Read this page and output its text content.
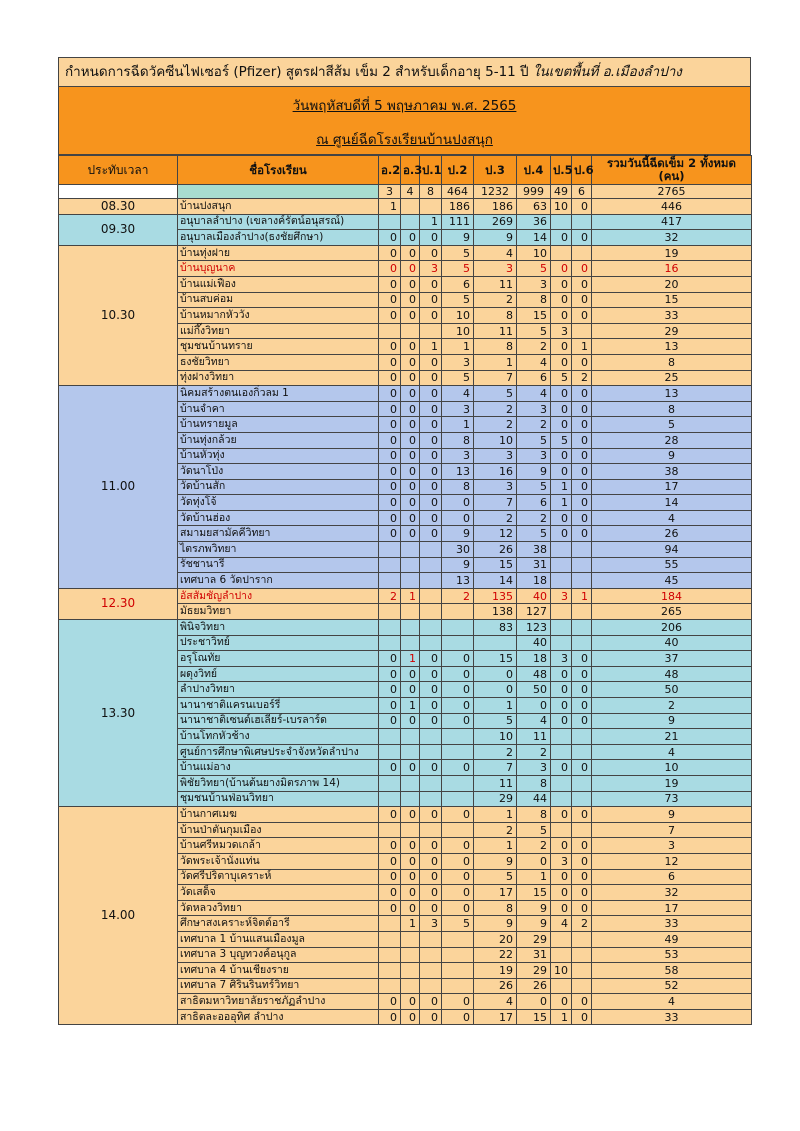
กำหนดการฉีดวัคซีนไฟเซอร์ (Pfizer) สูตรฝาสีส้ม เข็ม 2 สำหรับเด็กอายุ 5-11 ปี ในเขตพื้นที่ อ.เมืองลำปาง
วันพฤหัสบดีที่ 5 พฤษภาคม พ.ศ. 2565
ณ ศูนย์ฉีดโรงเรียนบ้านปงสนุก
ประทับเวลา	ชื่อโรงเรียน	อ.2	อ.3	ป.1	ป.2	ป.3	ป.4	ป.5	ป.6	รวมวันนี้ฉีดเข็ม 2 ทั้งหมด (คน)
		3	4	8	464	1232	999	49	6	2765
08.30	บ้านปงสนุก	1			186	186	63	10	0	446
09.30	อนุบาลลำปาง (เขลางค์รัตน์อนุสรณ์)			1	111	269	36			417
	อนุบาลเมืองลำปาง(ธงชัยศึกษา)	0	0	0	9	9	14	0	0	32
10.30	บ้านทุ่งฝาย	0	0	0	5	4	10			19
	บ้านบุญนาค	0	0	3	5	3	5	0	0	16
	บ้านแม่เฟือง	0	0	0	6	11	3	0	0	20
	บ้านสบค่อม	0	0	0	5	2	8	0	0	15
	บ้านหมากหัววัง	0	0	0	10	8	15	0	0	33
	แม่กึ๊งวิทยา				10	11	5	3		29
	ชุมชนบ้านทราย	0	0	1	1	8	2	0	1	13
	ธงชัยวิทยา	0	0	0	3	1	4	0	0	8
	ทุ่งฝางวิทยา	0	0	0	5	7	6	5	2	25
11.00	นิคมสร้างตนเองกิ่วลม 1	0	0	0	4	5	4	0	0	13
	บ้านจำคา	0	0	0	3	2	3	0	0	8
	บ้านทรายมูล	0	0	0	1	2	2	0	0	5
	บ้านทุ่งกล้วย	0	0	0	8	10	5	5	0	28
	บ้านหัวทุ่ง	0	0	0	3	3	3	0	0	9
	วัดนาโป่ง	0	0	0	13	16	9	0	0	38
	วัดบ้านสัก	0	0	0	8	3	5	1	0	17
	วัดทุ่งโจ้	0	0	0	0	7	6	1	0	14
	วัดบ้านฮ่อง	0	0	0	0	2	2	0	0	4
	สมามยสามัคคีวิทยา	0	0	0	9	12	5	0	0	26
	ไตรภพวิทยา				30	26	38			94
	รัชชานารี				9	15	31			55
	เทศบาล 6 วัดปาราก				13	14	18			45
12.30	อัสสัมชัญลำปาง	2	1		2	135	40	3	1	184
	มัธยมวิทยา					138	127			265
13.30	พินิจวิทยา					83	123			206
	ประชาวิทย์						40			40
	อรุโณทัย	0	1	0	0	15	18	3	0	37
	ผดุงวิทย์	0	0	0	0	0	48	0	0	48
	ลำปางวิทยา	0	0	0	0	0	50	0	0	50
	นานาชาติแครนเบอร์รี่	0	1	0	0	1	0	0	0	2
	นานาชาติเซนต์เฮเลียร์-เบรลาร์ด	0	0	0	0	5	4	0	0	9
	บ้านโทกหัวช้าง					10	11			21
	ศูนย์การศึกษาพิเศษประจำจังหวัดลำปาง					2	2			4
	บ้านแม่อาง	0	0	0	0	7	3	0	0	10
	พิชัยวิทยา(บ้านต้นยางมิตรภาพ 14)					11	8			19
	ชุมชนบ้านฟ่อนวิทยา					29	44			73
14.00	บ้านกาศเมฆ	0	0	0	0	1	8	0	0	9
	บ้านป่าตันกุมเมือง					2	5			7
	บ้านศรีหมวดเกล้า	0	0	0	0	1	2	0	0	3
	วัดพระเจ้านั่งแท่น	0	0	0	0	9	0	3	0	12
	วัดศรีปริตาบุเคราะห์	0	0	0	0	5	1	0	0	6
	วัดเสด็จ	0	0	0	0	17	15	0	0	32
	วัดหลวงวิทยา	0	0	0	0	8	9	0	0	17
	ศึกษาสงเคราะห์จิตต์อารี		1	3	5	9	9	4	2	33
	เทศบาล 1 บ้านแสนเมืองมูล					20	29			49
	เทศบาล 3 บุญทวงค์อนุกูล					22	31			53
	เทศบาล 4 บ้านเชียงราย					19	29	10		58
	เทศบาล 7 ศิรินรินทร์วิทยา					26	26			52
	สาธิตมหาวิทยาลัยราชภัฏลำปาง	0	0	0	0	4	0	0	0	4
	สาธิตละอออุทิศ ลำปาง	0	0	0	0	17	15	1	0	33
